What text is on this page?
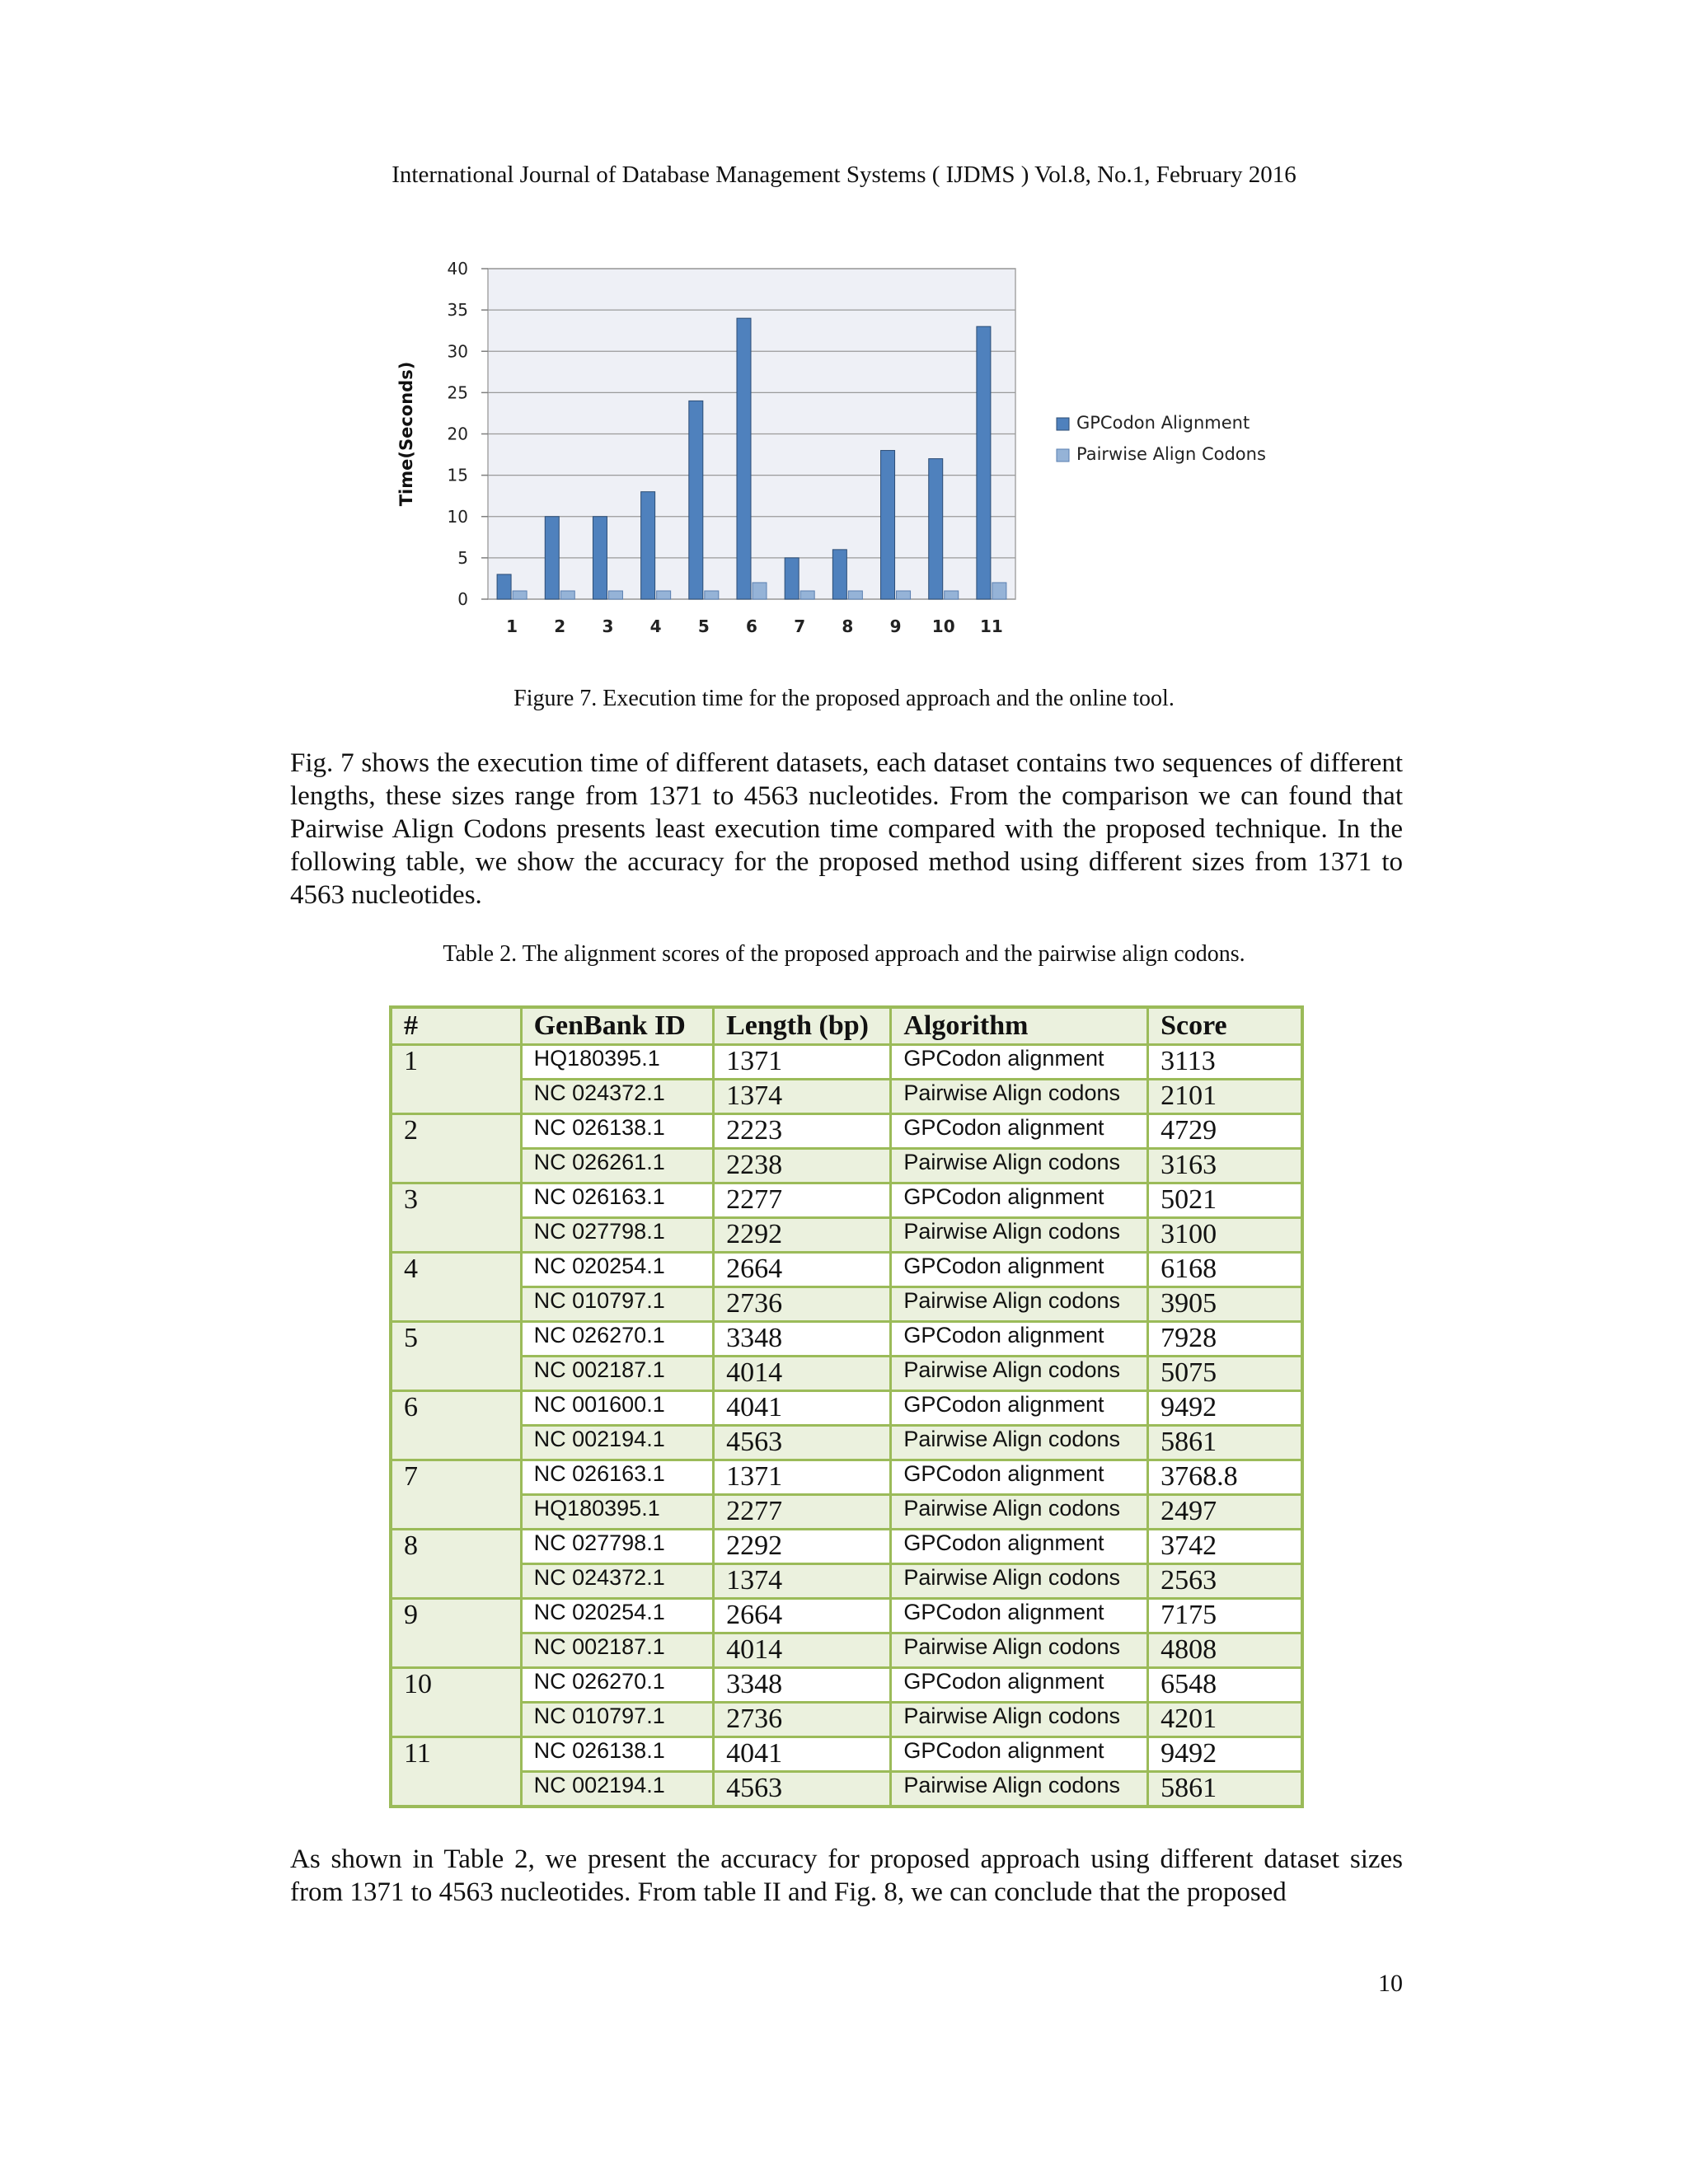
International Journal of Database Management Systems ( IJDMS ) Vol.8, No.1, February 2016
0
5
10
15
20
25
30
35
40
1 2 3 4 5 6 7 8 9 10 11
Time(Seconds)	GPCodon Alignment
Pairwise Align Codons
Figure 7. Execution time for the proposed approach and the online tool.

Fig. 7 shows the execution time of different datasets, each dataset contains two sequences of different lengths, these sizes range from 1371 to 4563 nucleotides. From the comparison we can found that Pairwise Align Codons presents least execution time compared with the proposed technique. In the following table, we show the accuracy for the proposed method using different sizes from 1371 to 4563 nucleotides.

Table 2. The alignment scores of the proposed approach and the pairwise align codons.
#	GenBank ID	Length (bp)	Algorithm	Score
1	HQ180395.1	1371	GPCodon alignment	3113
	NC 024372.1	1374	Pairwise Align codons	2101
2	NC 026138.1	2223	GPCodon alignment	4729
	NC 026261.1	2238	Pairwise Align codons	3163
3	NC 026163.1	2277	GPCodon alignment	5021
	NC 027798.1	2292	Pairwise Align codons	3100
4	NC 020254.1	2664	GPCodon alignment	6168
	NC 010797.1	2736	Pairwise Align codons	3905
5	NC 026270.1	3348	GPCodon alignment	7928
	NC 002187.1	4014	Pairwise Align codons	5075
6	NC 001600.1	4041	GPCodon alignment	9492
	NC 002194.1	4563	Pairwise Align codons	5861
7	NC 026163.1	1371	GPCodon alignment	3768.8
	HQ180395.1	2277	Pairwise Align codons	2497
8	NC 027798.1	2292	GPCodon alignment	3742
	NC 024372.1	1374	Pairwise Align codons	2563
9	NC 020254.1	2664	GPCodon alignment	7175
	NC 002187.1	4014	Pairwise Align codons	4808
10	NC 026270.1	3348	GPCodon alignment	6548
	NC 010797.1	2736	Pairwise Align codons	4201
11	NC 026138.1	4041	GPCodon alignment	9492
	NC 002194.1	4563	Pairwise Align codons	5861

As shown in Table 2, we present the accuracy for proposed approach using different dataset sizes from 1371 to 4563 nucleotides. From table II and Fig. 8, we can conclude that the proposed

10
